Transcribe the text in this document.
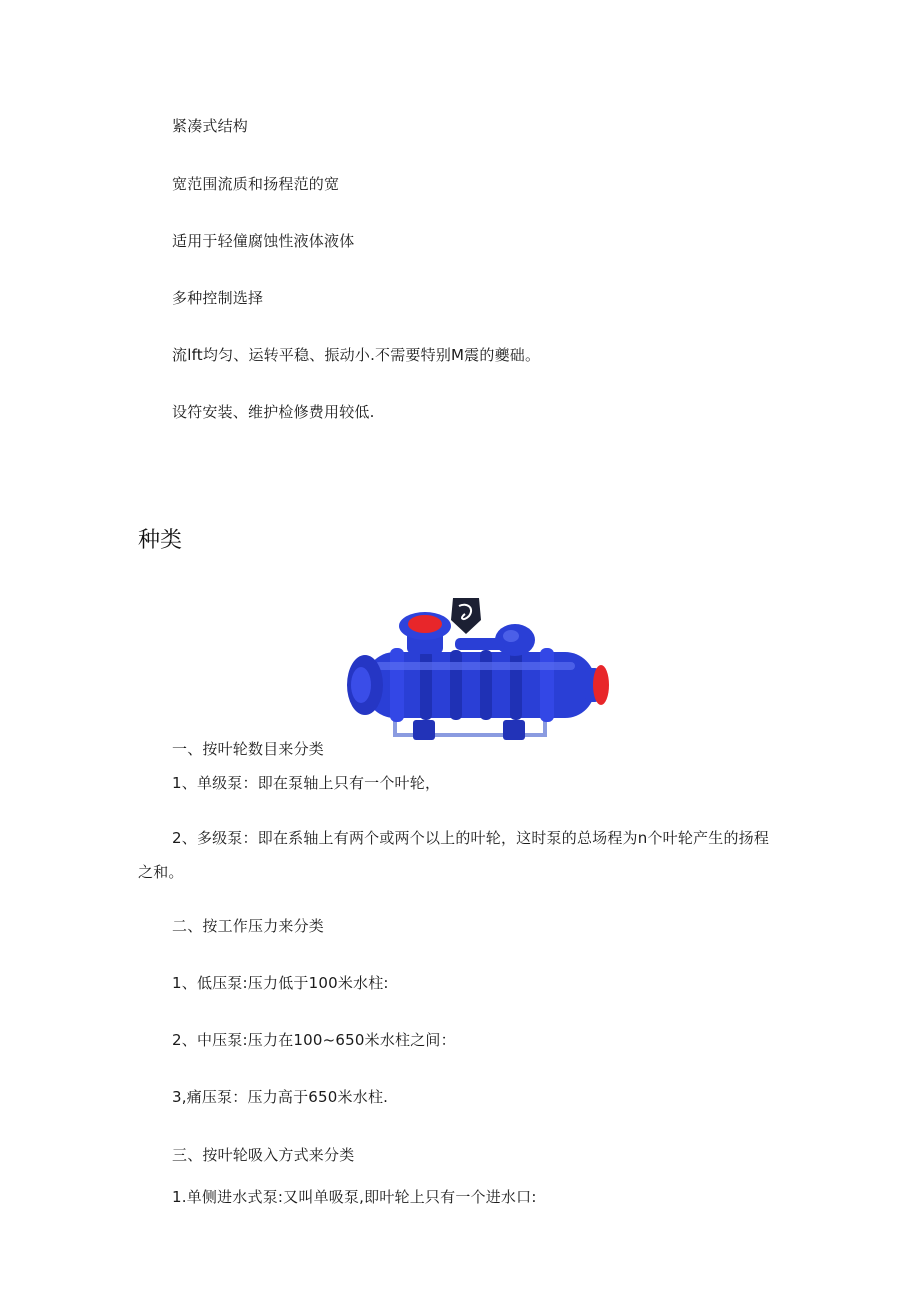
紧凑式结构
宽范围流质和扬程范的宽
适用于轻僮腐蚀性液体液体
多种控制选择
流lft均匀、运转平稳、振动小.不需要特别M震的夔础。
设符安装、维护检修费用较低.
种类
一、按叶轮数目来分类
1、单级泵：即在泵轴上只有一个叶轮，
2、多级泵：即在系轴上有两个或两个以上的叶轮，这时泵的总场程为n个叶轮产生的扬程
之和。
二、按工作压力来分类
1、低压泵:压力低于100米水柱:
2、中压泵:压力在100~650米水柱之间：
3,痛压泵：压力高于650米水柱.
三、按叶轮吸入方式来分类
1.单侧进水式泵:又叫单吸泵,即叶轮上只有一个进水口:
